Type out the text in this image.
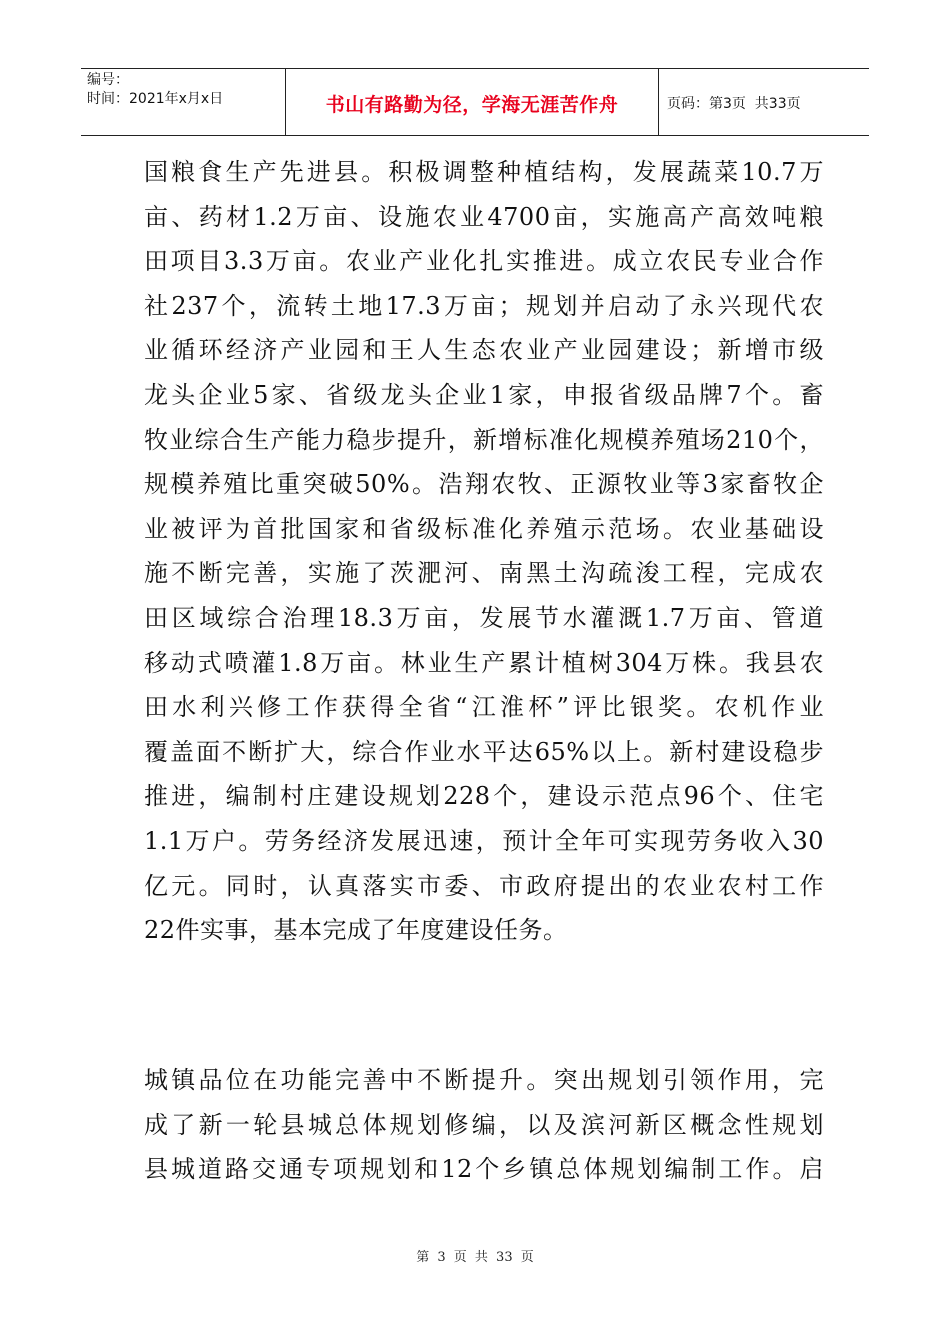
编号：
时间：2021年x月x日	书山有路勤为径，学海无涯苦作舟	页码：第3页  共33页
国粮食生产先进县。积极调整种植结构，发展蔬菜10.7万
亩、药材1.2万亩、设施农业4700亩，实施高产高效吨粮
田项目3.3万亩。农业产业化扎实推进。成立农民专业合作
社237个，流转土地17.3万亩；规划并启动了永兴现代农
业循环经济产业园和王人生态农业产业园建设；新增市级
龙头企业5家、省级龙头企业1家，申报省级品牌7个。畜
牧业综合生产能力稳步提升，新增标准化规模养殖场210个，
规模养殖比重突破50%。浩翔农牧、正源牧业等3家畜牧企
业被评为首批国家和省级标准化养殖示范场。农业基础设
施不断完善，实施了茨淝河、南黑土沟疏浚工程，完成农
田区域综合治理18.3万亩，发展节水灌溉1.7万亩、管道
移动式喷灌1.8万亩。林业生产累计植树304万株。我县农
田水利兴修工作获得全省“江淮杯”评比银奖。农机作业
覆盖面不断扩大，综合作业水平达65%以上。新村建设稳步
推进，编制村庄建设规划228个，建设示范点96个、住宅
1.1万户。劳务经济发展迅速，预计全年可实现劳务收入30
亿元。同时，认真落实市委、市政府提出的农业农村工作
22件实事，基本完成了年度建设任务。
城镇品位在功能完善中不断提升。突出规划引领作用，完
成了新一轮县城总体规划修编，以及滨河新区概念性规划
县城道路交通专项规划和12个乡镇总体规划编制工作。启
第 3 页 共 33 页
